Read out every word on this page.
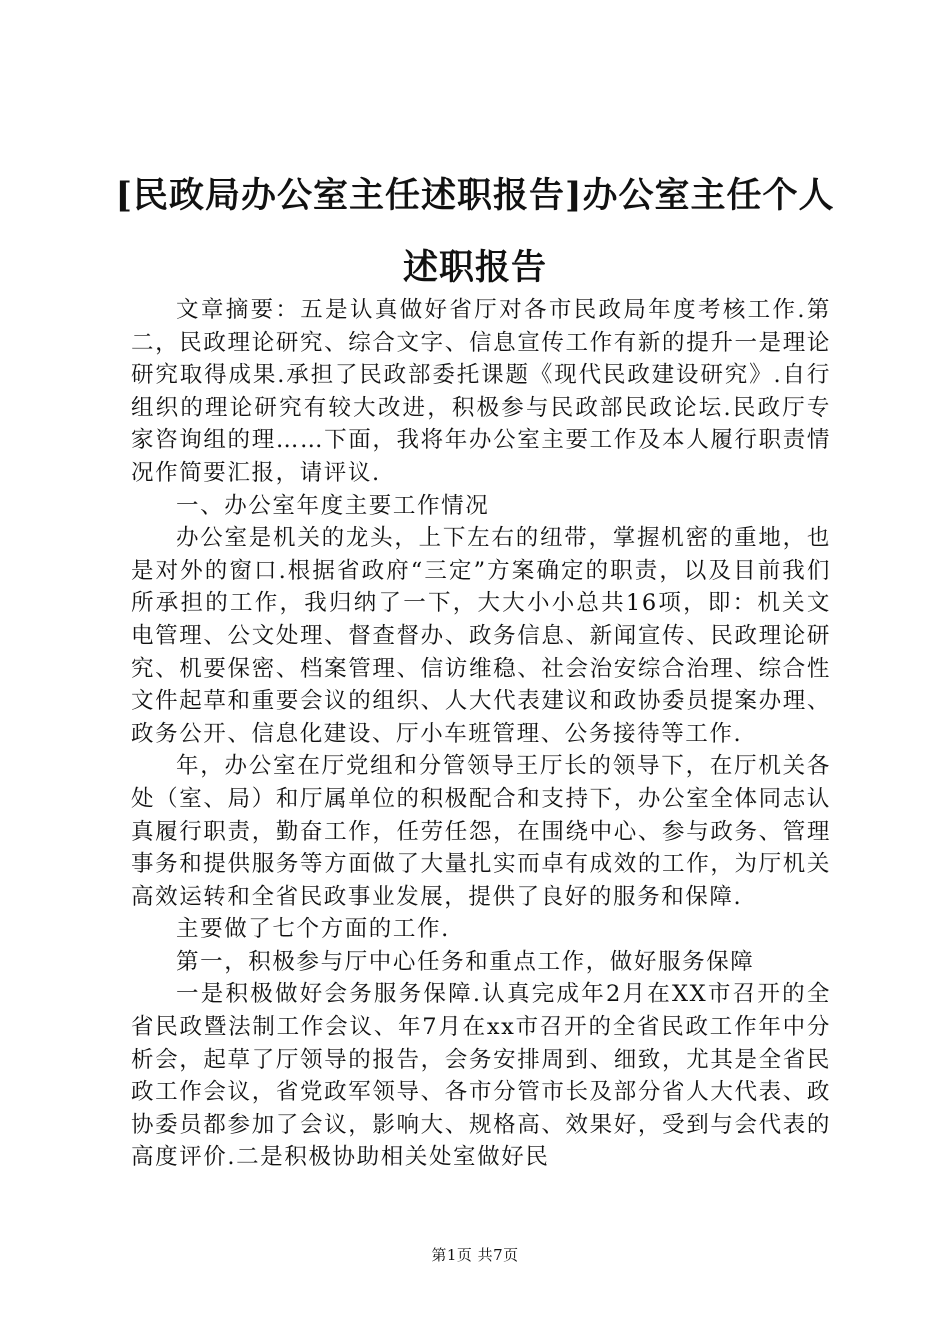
[民政局办公室主任述职报告]办公室主任个人述职报告

文章摘要：五是认真做好省厅对各市民政局年度考核工作.第二，民政理论研究、综合文字、信息宣传工作有新的提升一是理论研究取得成果.承担了民政部委托课题《现代民政建设研究》.自行组织的理论研究有较大改进，积极参与民政部民政论坛.民政厅专家咨询组的理……下面，我将年办公室主要工作及本人履行职责情况作简要汇报，请评议.

一、办公室年度主要工作情况

办公室是机关的龙头，上下左右的纽带，掌握机密的重地，也是对外的窗口.根据省政府“三定”方案确定的职责，以及目前我们所承担的工作，我归纳了一下，大大小小总共16项，即：机关文电管理、公文处理、督查督办、政务信息、新闻宣传、民政理论研究、机要保密、档案管理、信访维稳、社会治安综合治理、综合性文件起草和重要会议的组织、人大代表建议和政协委员提案办理、政务公开、信息化建设、厅小车班管理、公务接待等工作.

年，办公室在厅党组和分管领导王厅长的领导下，在厅机关各处（室、局）和厅属单位的积极配合和支持下，办公室全体同志认真履行职责，勤奋工作，任劳任怨，在围绕中心、参与政务、管理事务和提供服务等方面做了大量扎实而卓有成效的工作，为厅机关高效运转和全省民政事业发展，提供了良好的服务和保障.

主要做了七个方面的工作.

第一，积极参与厅中心任务和重点工作，做好服务保障

一是积极做好会务服务保障.认真完成年2月在XX市召开的全省民政暨法制工作会议、年7月在xx市召开的全省民政工作年中分析会，起草了厅领导的报告，会务安排周到、细致，尤其是全省民政工作会议，省党政军领导、各市分管市长及部分省人大代表、政协委员都参加了会议，影响大、规格高、效果好，受到与会代表的高度评价.二是积极协助相关处室做好民

第1页 共7页
